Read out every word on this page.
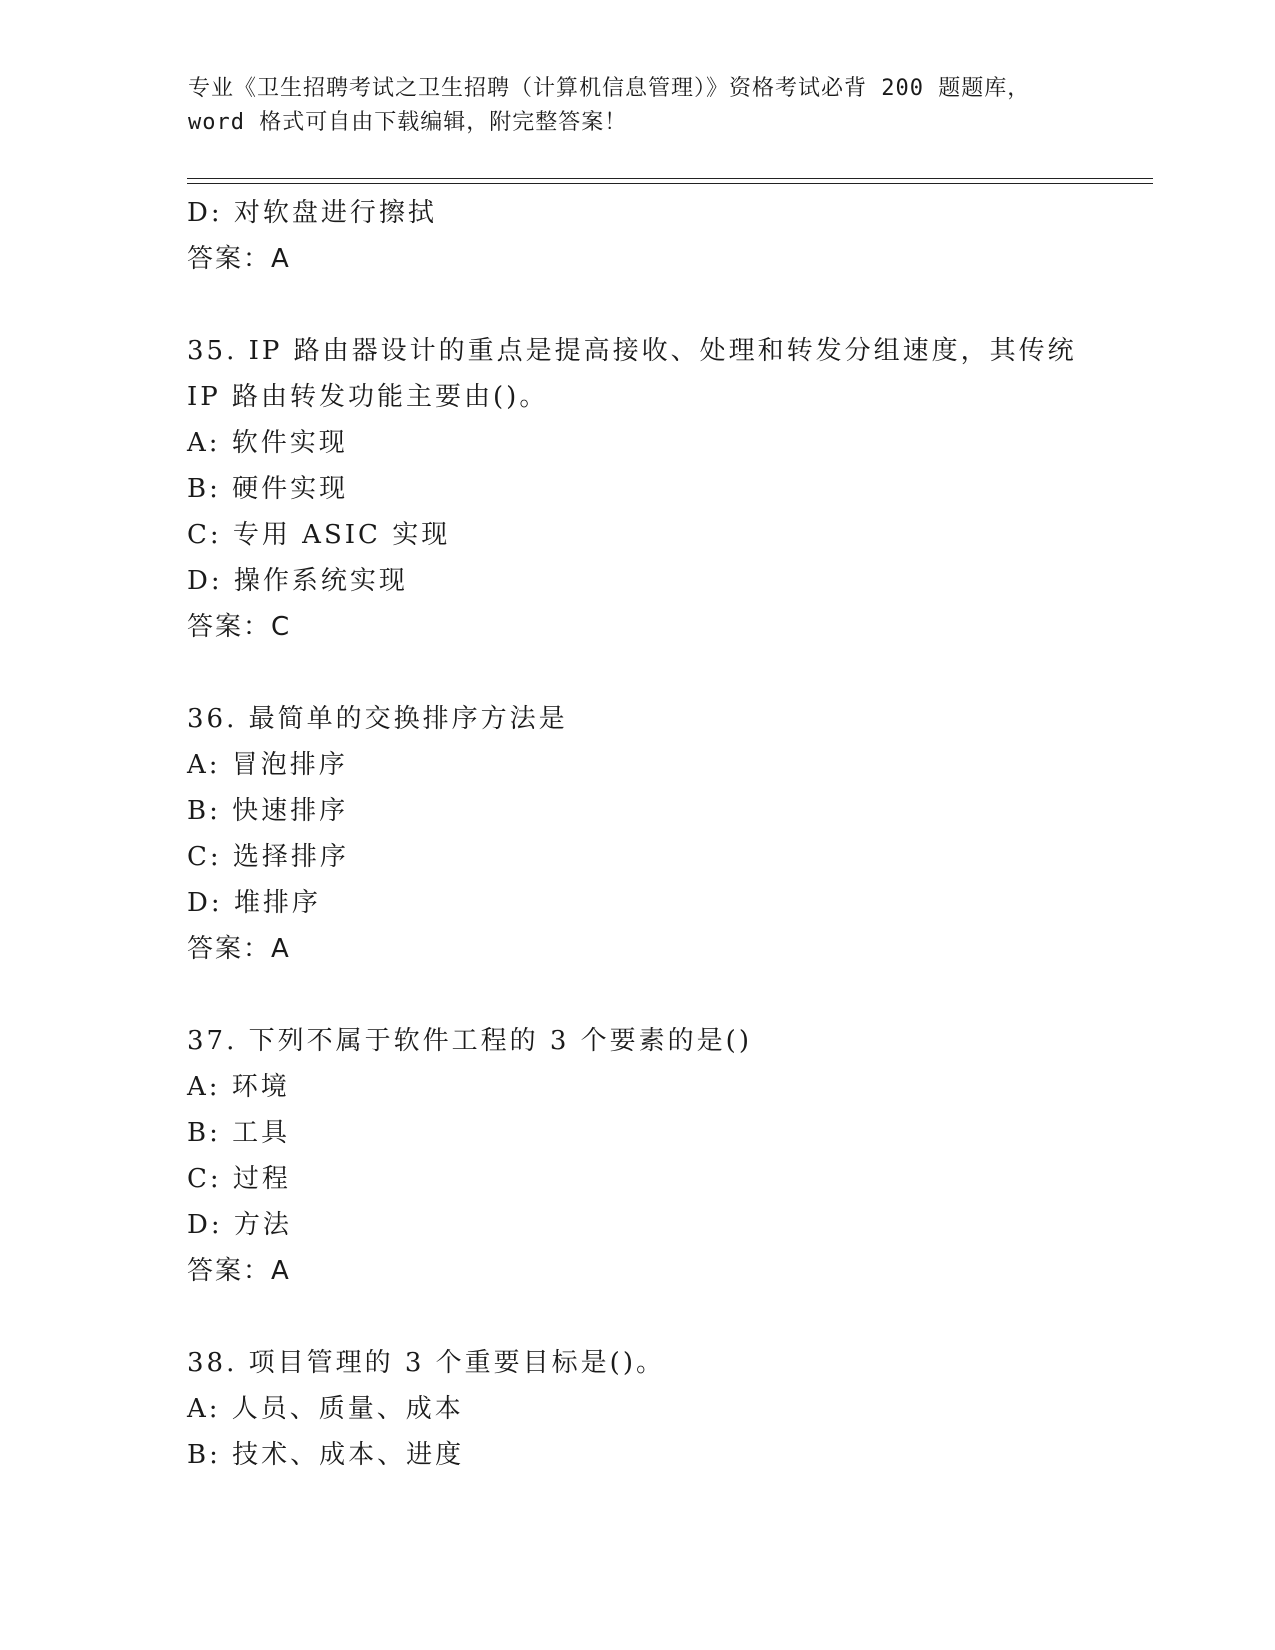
专业《卫生招聘考试之卫生招聘（计算机信息管理）》资格考试必背 200 题题库，
word 格式可自由下载编辑，附完整答案！
D: 对软盘进行擦拭
答案：A
35. IP 路由器设计的重点是提高接收、处理和转发分组速度，其传统
IP 路由转发功能主要由()。
A: 软件实现
B: 硬件实现
C: 专用 ASIC 实现
D: 操作系统实现
答案：C
36. 最简单的交换排序方法是
A: 冒泡排序
B: 快速排序
C: 选择排序
D: 堆排序
答案：A
37. 下列不属于软件工程的 3 个要素的是()
A: 环境
B: 工具
C: 过程
D: 方法
答案：A
38. 项目管理的 3 个重要目标是()。
A: 人员、质量、成本
B: 技术、成本、进度
